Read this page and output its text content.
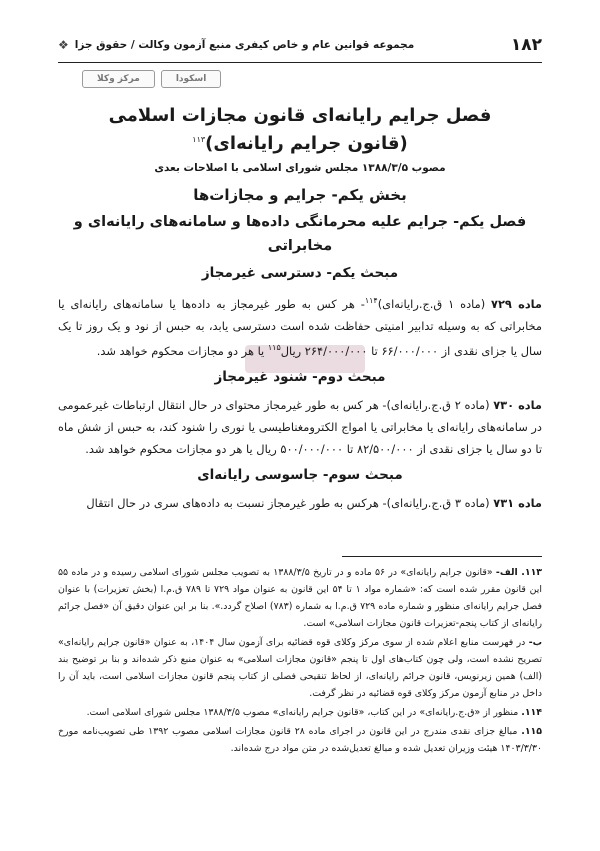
۱۸۲
مجموعه قوانین عام و خاص کیفری منبع آزمون وکالت / حقوق جزا
❖
مرکز وکلا	اسکودا
فصل جرایم رایانه‌ای قانون مجازات اسلامی
(قانون جرایم رایانه‌ای)$^{۱۱۳}$
مصوب ۱۳۸۸/۳/۵ مجلس شورای اسلامی با اصلاحات بعدی
بخش یکم- جرایم و مجازات‌ها
فصل یکم- جرایم علیه محرمانگی داده‌ها و سامانه‌های رایانه‌ای و مخابراتی
مبحث یکم- دسترسی غیرمجاز

ماده ۷۲۹ (ماده ۱ ق.ج.رایانه‌ای)$^{۱۱۴}$- هر کس به طور غیرمجاز به داده‌ها یا سامانه‌های رایانه‌ای یا مخابراتی که به وسیله تدابیر امنیتی حفاظت شده است دسترسی یابد، به حبس از نود و یک روز تا یک سال یا جزای نقدی از ۶۶/۰۰۰/۰۰۰ تا ۲۶۴/۰۰۰/۰۰۰ ریال$^{۱۱۵}$ یا هر دو مجازات محکوم خواهد شد.

مبحث دوم- شنود غیرمجاز

ماده ۷۳۰ (ماده ۲ ق.ج.رایانه‌ای)- هر کس به طور غیرمجاز محتوای در حال انتقال ارتباطات غیرعمومی در سامانه‌های رایانه‌ای یا مخابراتی یا امواج الکترومغناطیسی یا نوری را شنود کند، به حبس از شش ماه تا دو سال یا جزای نقدی از ۸۲/۵۰۰/۰۰۰ تا ۵۰۰/۰۰۰/۰۰۰ ریال یا هر دو مجازات محکوم خواهد شد.

مبحث سوم- جاسوسی رایانه‌ای

ماده ۷۳۱ (ماده ۳ ق.ج.رایانه‌ای)- هرکس به طور غیرمجاز نسبت به داده‌های سری در حال انتقال

۱۱۳. الف- «قانون جرایم رایانه‌ای» در ۵۶ ماده و در تاریخ ۱۳۸۸/۳/۵ به تصویب مجلس شورای اسلامی رسیده و در ماده ۵۵ این قانون مقرر شده است که: «شماره مواد ۱ تا ۵۴ این قانون به عنوان مواد ۷۲۹ تا ۷۸۹ ق.م.ا (بخش تعزیرات) با عنوان فصل جرایم رایانه‌ای منظور و شماره ماده ۷۲۹ ق.م.ا به شماره (۷۸۳) اصلاح گردد.». بنا بر این عنوان دقیق آن «فصل جرائم رایانه‌ای از کتاب پنجم-تعزیرات قانون مجازات اسلامی» است.

ب- در فهرست منابع اعلام شده از سوی مرکز وکلای قوه قضائیه برای آزمون سال ۱۴۰۴، به عنوان «قانون جرایم رایانه‌ای» تصریح نشده است، ولی چون کتاب‌های اول تا پنجم «قانون مجازات اسلامی» به عنوان منبع ذکر شده‌اند و بنا بر توضیح بند (الف) همین زیرنویس، قانون جرائم رایانه‌ای، از لحاظ تنقیحی فصلی از کتاب پنجم قانون مجازات اسلامی است، باید آن را داخل در منابع آزمون مرکز وکلای قوه قضائیه در نظر گرفت.

۱۱۴. منظور از «ق.ج.رایانه‌ای» در این کتاب، «قانون جرایم رایانه‌ای» مصوب ۱۳۸۸/۳/۵ مجلس شورای اسلامی است.

۱۱۵. مبالغ جزای نقدی مندرج در این قانون در اجرای ماده ۲۸ قانون مجازات اسلامی مصوب ۱۳۹۲ طی تصویب‌نامه مورخ ۱۴۰۳/۳/۳۰ هیئت وزیران تعدیل شده و مبالغ تعدیل‌شده در متن مواد درج شده‌اند.
